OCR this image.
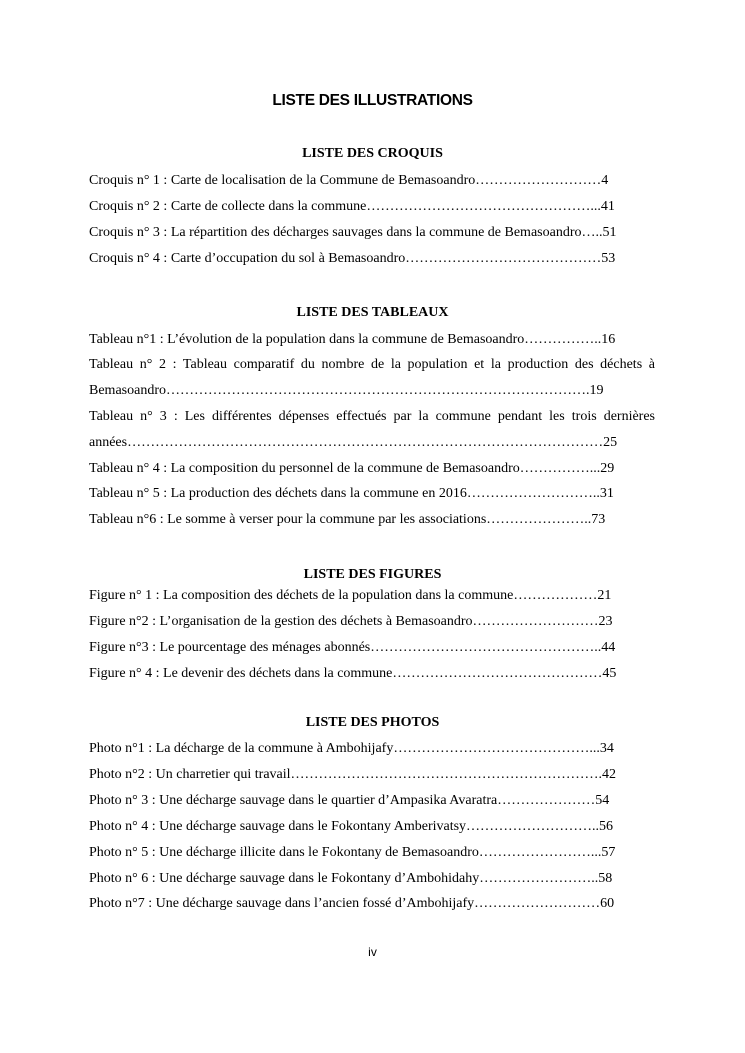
LISTE DES ILLUSTRATIONS
LISTE DES CROQUIS
Croquis n° 1 : Carte de localisation de la Commune de Bemasoandro………………………4
Croquis n° 2 : Carte de collecte dans la commune…………………………………………...41
Croquis n° 3 : La répartition des décharges sauvages dans la commune de Bemasoandro…..51
Croquis n° 4 : Carte d’occupation du sol à Bemasoandro……………………………………53
LISTE DES TABLEAUX
Tableau n°1 : L’évolution de la population dans la commune de Bemasoandro……………..16
Tableau n° 2 : Tableau comparatif du nombre de la population et la production des déchets à
Bemasoandro……………………………………………………………………………….19
Tableau n° 3 : Les différentes dépenses effectués par la commune pendant les trois dernières
années…………………………………………………………………………………………25
Tableau n° 4 : La composition du personnel de la commune de Bemasoandro……………...29
Tableau n° 5 : La production des déchets dans la commune en 2016………………………..31
Tableau n°6 : Le somme à verser pour la commune par les associations…………………..73
LISTE DES FIGURES
Figure n° 1 : La composition des déchets de la population dans la commune………………21
Figure n°2 : L’organisation de la gestion des déchets à Bemasoandro………………………23
Figure n°3 : Le pourcentage des ménages abonnés…………………………………………..44
Figure n° 4 : Le devenir des déchets dans la commune………………………………………45
LISTE DES PHOTOS
Photo n°1 : La décharge de la commune à Ambohijafy……………………………………...34
Photo n°2 : Un charretier qui travail………………………………………………………….42
Photo n° 3 : Une décharge sauvage dans le quartier d’Ampasika Avaratra…………………54
Photo n° 4 : Une décharge sauvage dans le Fokontany Amberivatsy………………………..56
Photo n° 5 : Une décharge illicite dans le Fokontany de Bemasoandro……………………...57
Photo n° 6 : Une décharge sauvage dans le Fokontany d’Ambohidahy……………………..58
Photo n°7 : Une décharge sauvage dans l’ancien fossé d’Ambohijafy………………………60
iv
